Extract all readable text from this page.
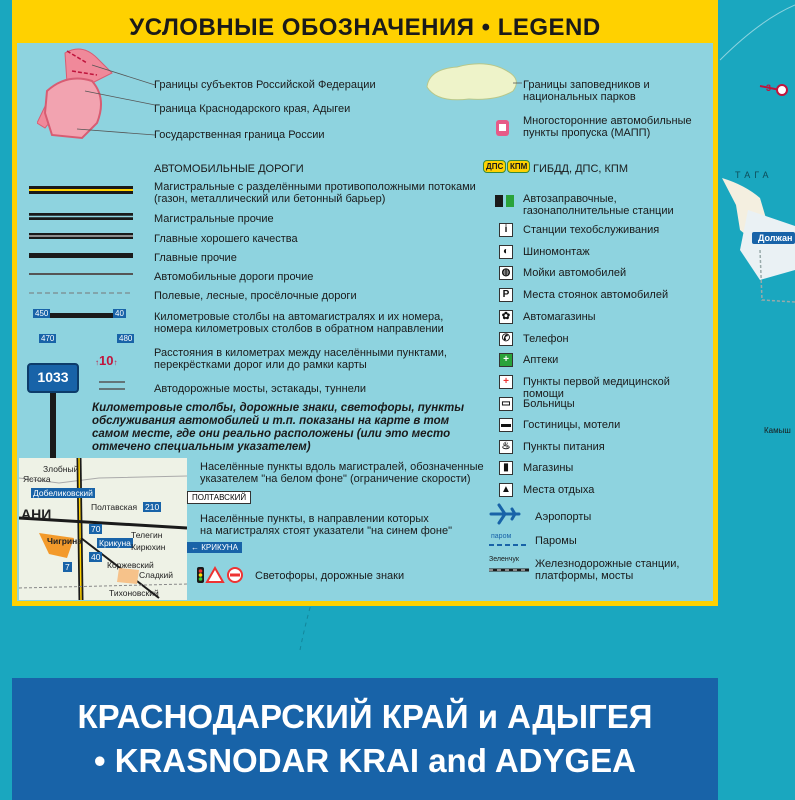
3
ТАГА
Должан
Камыш
УСЛОВНЫЕ ОБОЗНАЧЕНИЯ • LEGEND
Границы субъектов Российской Федерации
Граница Краснодарского края, Адыгеи
Государственная граница России
Границы заповедников и
национальных парков
Многосторонние автомобильные
пункты пропуска (МАПП)
АВТОМОБИЛЬНЫЕ ДОРОГИ
Магистральные с разделёнными противоположными потоками
(газон, металлический или бетонный барьер)
Магистральные прочие
Главные хорошего качества
Главные прочие
Автомобильные дороги прочие
Полевые, лесные, просёлочные дороги
Километровые столбы на автомагистралях и их номера,
номера километровых столбов в обратном направлении
Расстояния в километрах между населёнными пунктами,
перекрёстками дорог или до рамки карты
Автодорожные мосты, эстакады, туннели
450	40
470	480
↑10↑
1033
Километровые столбы, дорожные знаки, светофоры, пункты
обслуживания автомобилей и т.п. показаны на карте в том
самом месте, где они реально расположены (или это место
отмечено специальным указателем)
Злобный
Ястока
Добеликовский
АНИ	Полтавская
Чигрина Крикуна
Телегин
Кирюхин
Коржевский
Тихоновский
Сладкий
210
70
40
7
Населённые пункты вдоль магистралей, обозначенные
указателем "на белом фоне" (ограничение скорости)
ПОЛТАВСКИЙ
Населённые пункты, в направлении которых
на магистралях стоят указатели "на синем фоне"
← КРИКУНА
Светофоры, дорожные знаки
ДПС КПМ ГИБДД, ДПС, КПМ
Автозаправочные,
газонаполнительные станции
i	Станции техобслуживания
◐	Шиномонтаж
◍ Мойки автомобилей
P	Места стоянок автомобилей
✿ Автомагазины
✆ Телефон
+	Аптеки
+	Пункты первой медицинской помощи
▭ Больницы
▬ Гостиницы, мотели
♨ Пункты питания
▮	Магазины
▲ Места отдыха
Аэропорты
паром Паромы
Зеленчук Железнодорожные станции,
платформы, мосты
КРАСНОДАРСКИЙ КРАЙ и АДЫГЕЯ
• KRASNODAR KRAI and ADYGEA
